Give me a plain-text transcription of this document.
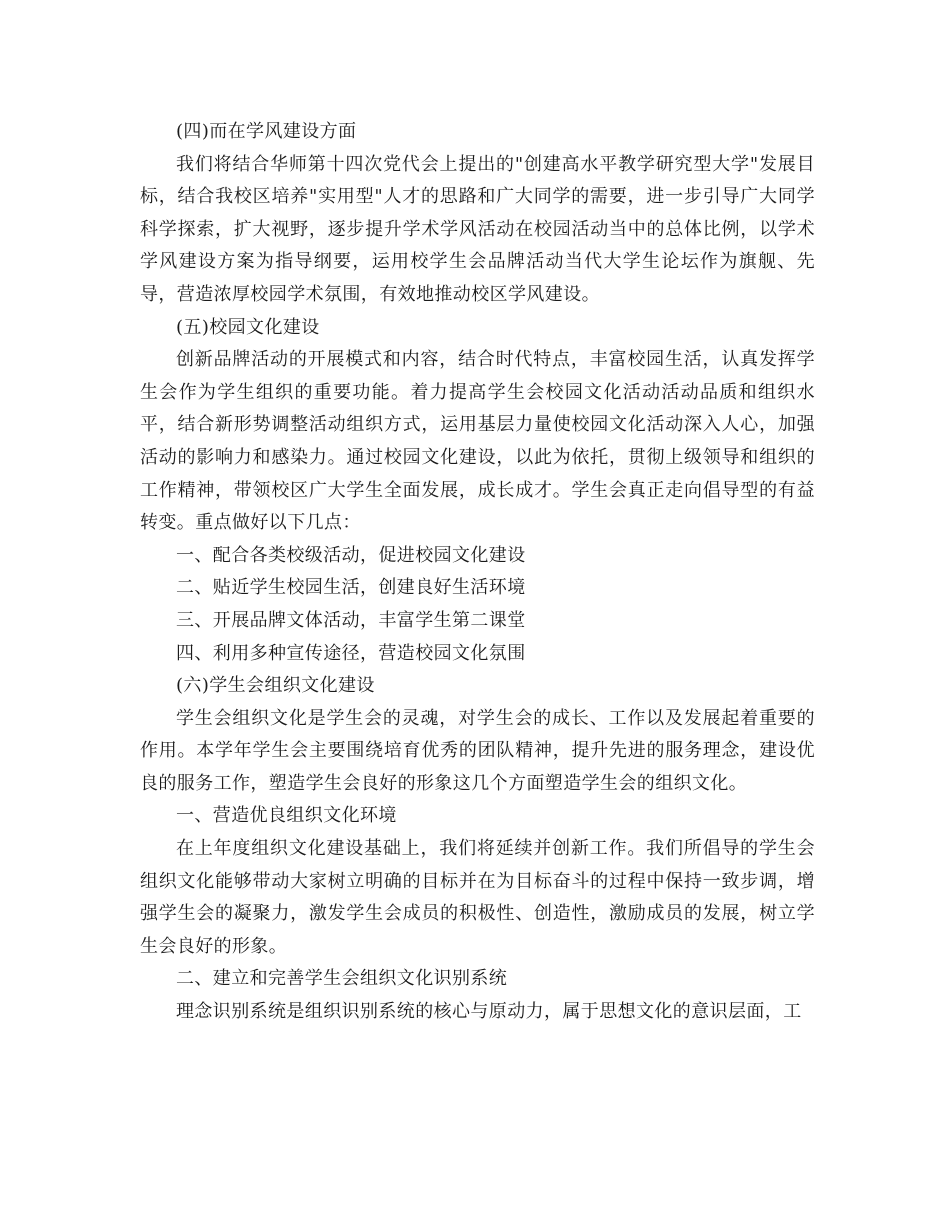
(四)而在学风建设方面

我们将结合华师第十四次党代会上提出的"创建高水平教学研究型大学"发展目标，结合我校区培养"实用型"人才的思路和广大同学的需要，进一步引导广大同学科学探索，扩大视野，逐步提升学术学风活动在校园活动当中的总体比例，以学术学风建设方案为指导纲要，运用校学生会品牌活动当代大学生论坛作为旗舰、先导，营造浓厚校园学术氛围，有效地推动校区学风建设。

(五)校园文化建设

创新品牌活动的开展模式和内容，结合时代特点，丰富校园生活，认真发挥学生会作为学生组织的重要功能。着力提高学生会校园文化活动活动品质和组织水平，结合新形势调整活动组织方式，运用基层力量使校园文化活动深入人心，加强活动的影响力和感染力。通过校园文化建设，以此为依托，贯彻上级领导和组织的工作精神，带领校区广大学生全面发展，成长成才。学生会真正走向倡导型的有益转变。重点做好以下几点：

一、配合各类校级活动，促进校园文化建设

二、贴近学生校园生活，创建良好生活环境

三、开展品牌文体活动，丰富学生第二课堂

四、利用多种宣传途径，营造校园文化氛围

(六)学生会组织文化建设

学生会组织文化是学生会的灵魂，对学生会的成长、工作以及发展起着重要的作用。本学年学生会主要围绕培育优秀的团队精神，提升先进的服务理念，建设优良的服务工作，塑造学生会良好的形象这几个方面塑造学生会的组织文化。

一、营造优良组织文化环境

在上年度组织文化建设基础上，我们将延续并创新工作。我们所倡导的学生会组织文化能够带动大家树立明确的目标并在为目标奋斗的过程中保持一致步调，增强学生会的凝聚力，激发学生会成员的积极性、创造性，激励成员的发展，树立学生会良好的形象。

二、建立和完善学生会组织文化识别系统

理念识别系统是组织识别系统的核心与原动力，属于思想文化的意识层面，工
